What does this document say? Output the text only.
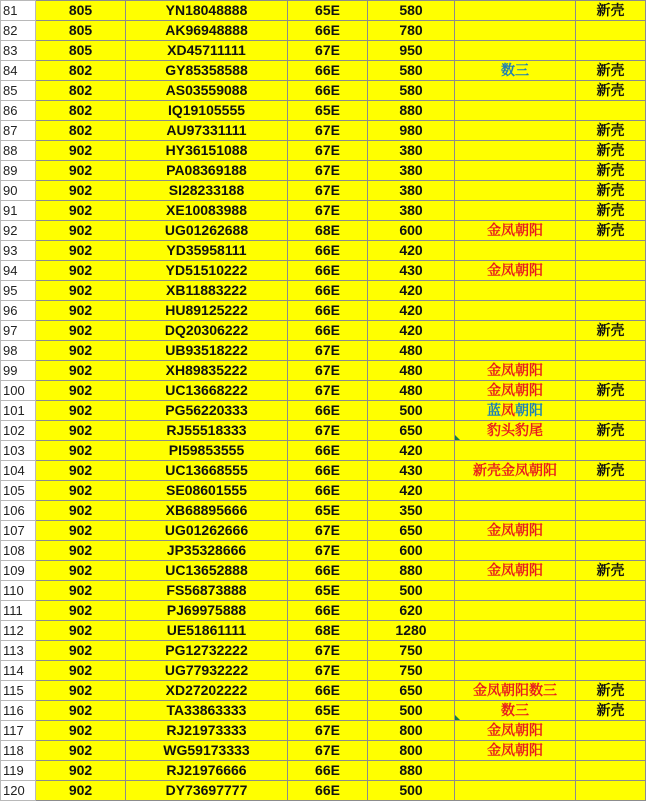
81	805	YN18048888	65E	580		新壳
82	805	AK96948888	66E	780		
83	805	XD45711111	67E	950		
84	802	GY85358588	66E	580	数三	新壳
85	802	AS03559088	66E	580		新壳
86	802	IQ19105555	65E	880		
87	802	AU97331111	67E	980		新壳
88	902	HY36151088	67E	380		新壳
89	902	PA08369188	67E	380		新壳
90	902	SI28233188	67E	380		新壳
91	902	XE10083988	67E	380		新壳
92	902	UG01262688	68E	600	金凤朝阳	新壳
93	902	YD35958111	66E	420		
94	902	YD51510222	66E	430	金凤朝阳	
95	902	XB11883222	66E	420		
96	902	HU89125222	66E	420		
97	902	DQ20306222	66E	420		新壳
98	902	UB93518222	67E	480		
99	902	XH89835222	67E	480	金凤朝阳	
100	902	UC13668222	67E	480	金凤朝阳	新壳
101	902	PG56220333	66E	500	蓝凤朝阳	
102	902	RJ55518333	67E	650	豹头豹尾	新壳
103	902	PI59853555	66E	420		
104	902	UC13668555	66E	430	新壳金凤朝阳	新壳
105	902	SE08601555	66E	420		
106	902	XB68895666	65E	350		
107	902	UG01262666	67E	650	金凤朝阳	
108	902	JP35328666	67E	600		
109	902	UC13652888	66E	880	金凤朝阳	新壳
110	902	FS56873888	65E	500		
111	902	PJ69975888	66E	620		
112	902	UE51861111	68E	1280		
113	902	PG12732222	67E	750		
114	902	UG77932222	67E	750		
115	902	XD27202222	66E	650	金凤朝阳数三	新壳
116	902	TA33863333	65E	500	数三	新壳
117	902	RJ21973333	67E	800	金凤朝阳	
118	902	WG59173333	67E	800	金凤朝阳	
119	902	RJ21976666	66E	880		
120	902	DY73697777	66E	500		
